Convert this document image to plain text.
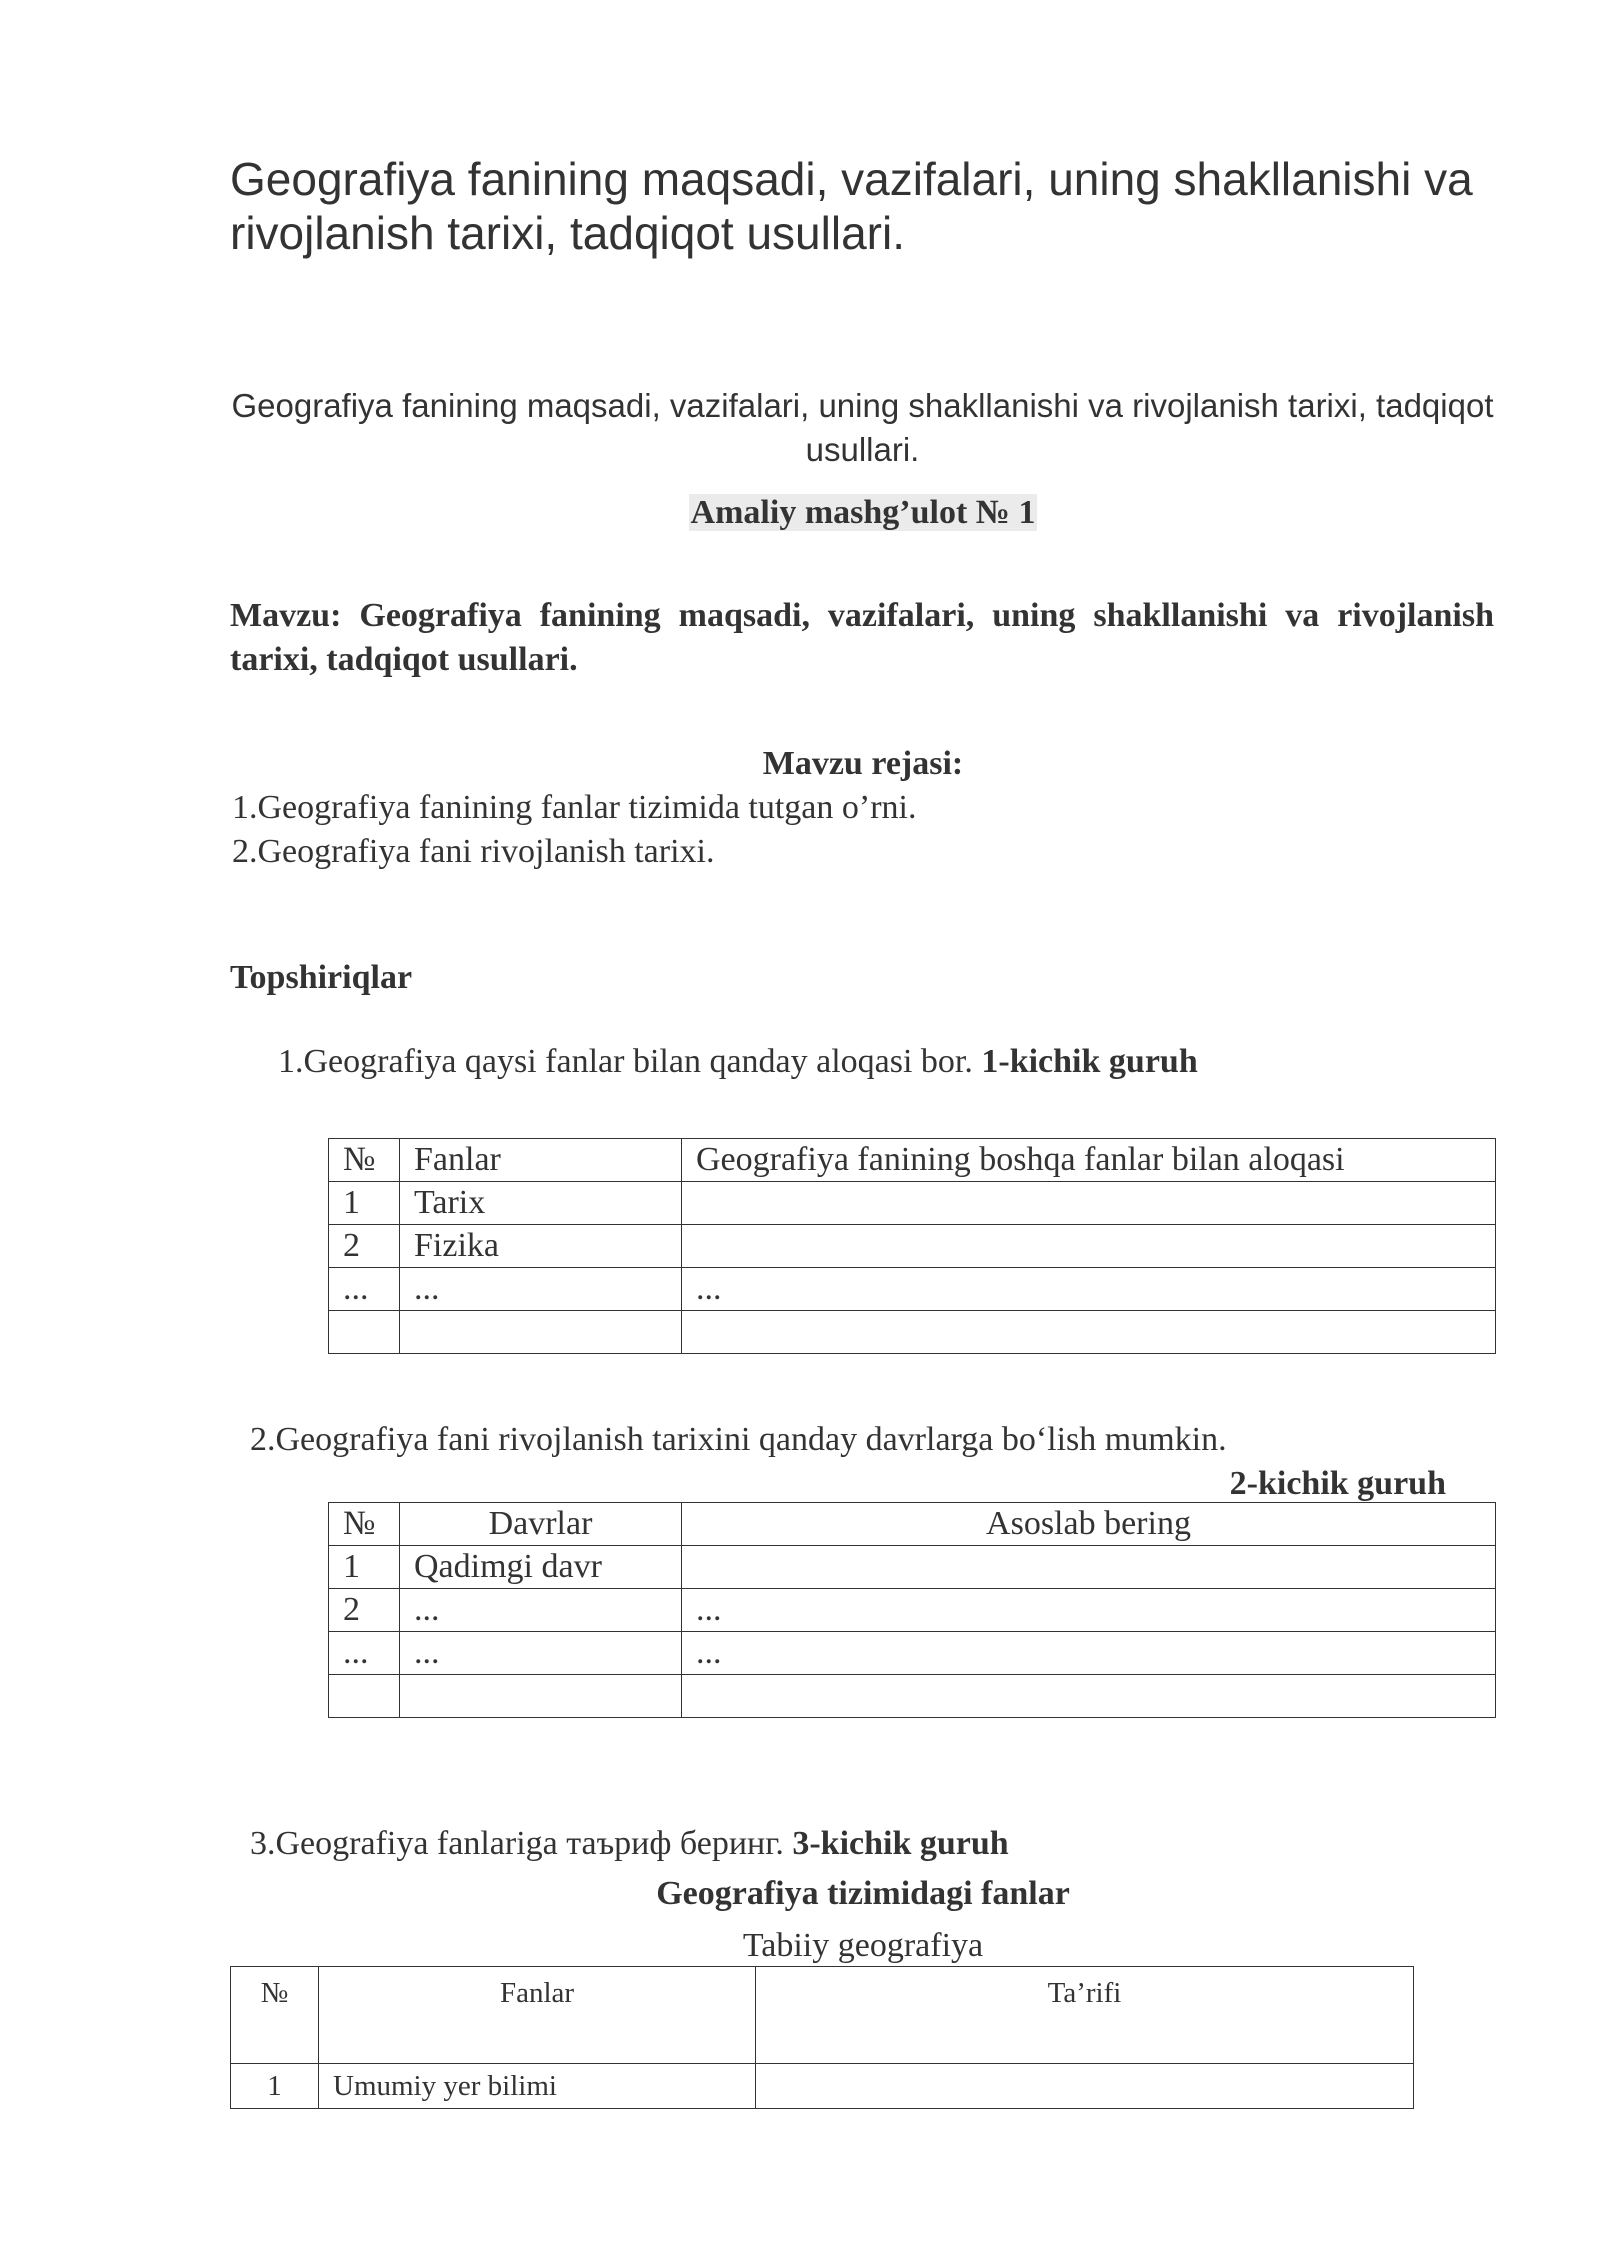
Geografiya fanining maqsadi, vazifalari, uning shakllanishi va rivojlanish tarixi, tadqiqot usullari.
Geografiya fanining maqsadi, vazifalari, uning shakllanishi va rivojlanish tarixi, tadqiqot usullari.
Amaliy mashg’ulot № 1
Mavzu: Geografiya fanining maqsadi, vazifalari, uning shakllanishi va rivojlanish tarixi, tadqiqot usullari.
Mavzu rejasi:
1.Geografiya fanining fanlar tizimida tutgan o’rni.
2.Geografiya fani rivojlanish tarixi.
Topshiriqlar
1.Geografiya qaysi fanlar bilan qanday aloqasi bor. 1-kichik guruh
№	Fanlar	Geografiya fanining boshqa fanlar bilan aloqasi
1	Tarix	
2	Fizika	
...	...	...

2.Geografiya fani rivojlanish tarixini qanday davrlarga bo‘lish mumkin.
2-kichik guruh
№	Davrlar	Asoslab bering
1	Qadimgi davr	
2	...	...
...	...	...

3.Geografiya fanlariga таъриф беринг. 3-kichik guruh
Geografiya tizimidagi fanlar
Tabiiy geografiya
№	Fanlar	Ta’rifi
1	Umumiy yer bilimi	
